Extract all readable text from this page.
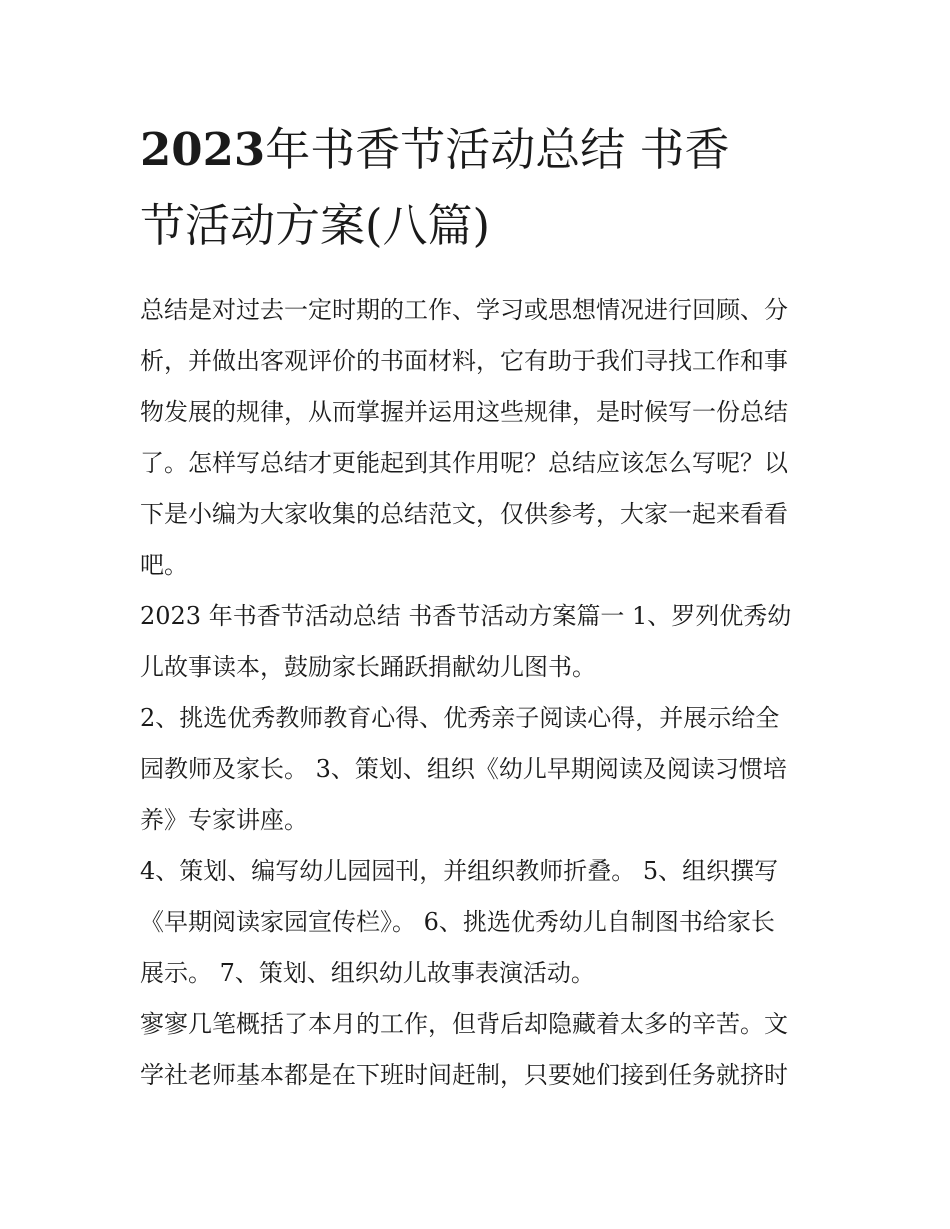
2023年书香节活动总结 书香
节活动方案(八篇)

总结是对过去一定时期的工作、学习或思想情况进行回顾、分
析，并做出客观评价的书面材料，它有助于我们寻找工作和事
物发展的规律，从而掌握并运用这些规律，是时候写一份总结
了。怎样写总结才更能起到其作用呢？总结应该怎么写呢？以
下是小编为大家收集的总结范文，仅供参考，大家一起来看看
吧。

2023 年书香节活动总结 书香节活动方案篇一 1、罗列优秀幼
儿故事读本，鼓励家长踊跃捐献幼儿图书。

2、挑选优秀教师教育心得、优秀亲子阅读心得，并展示给全
园教师及家长。 3、策划、组织《幼儿早期阅读及阅读习惯培
养》专家讲座。

4、策划、编写幼儿园园刊，并组织教师折叠。 5、组织撰写
《早期阅读家园宣传栏》。 6、挑选优秀幼儿自制图书给家长
展示。 7、策划、组织幼儿故事表演活动。

寥寥几笔概括了本月的工作，但背后却隐藏着太多的辛苦。文
学社老师基本都是在下班时间赶制，只要她们接到任务就挤时
